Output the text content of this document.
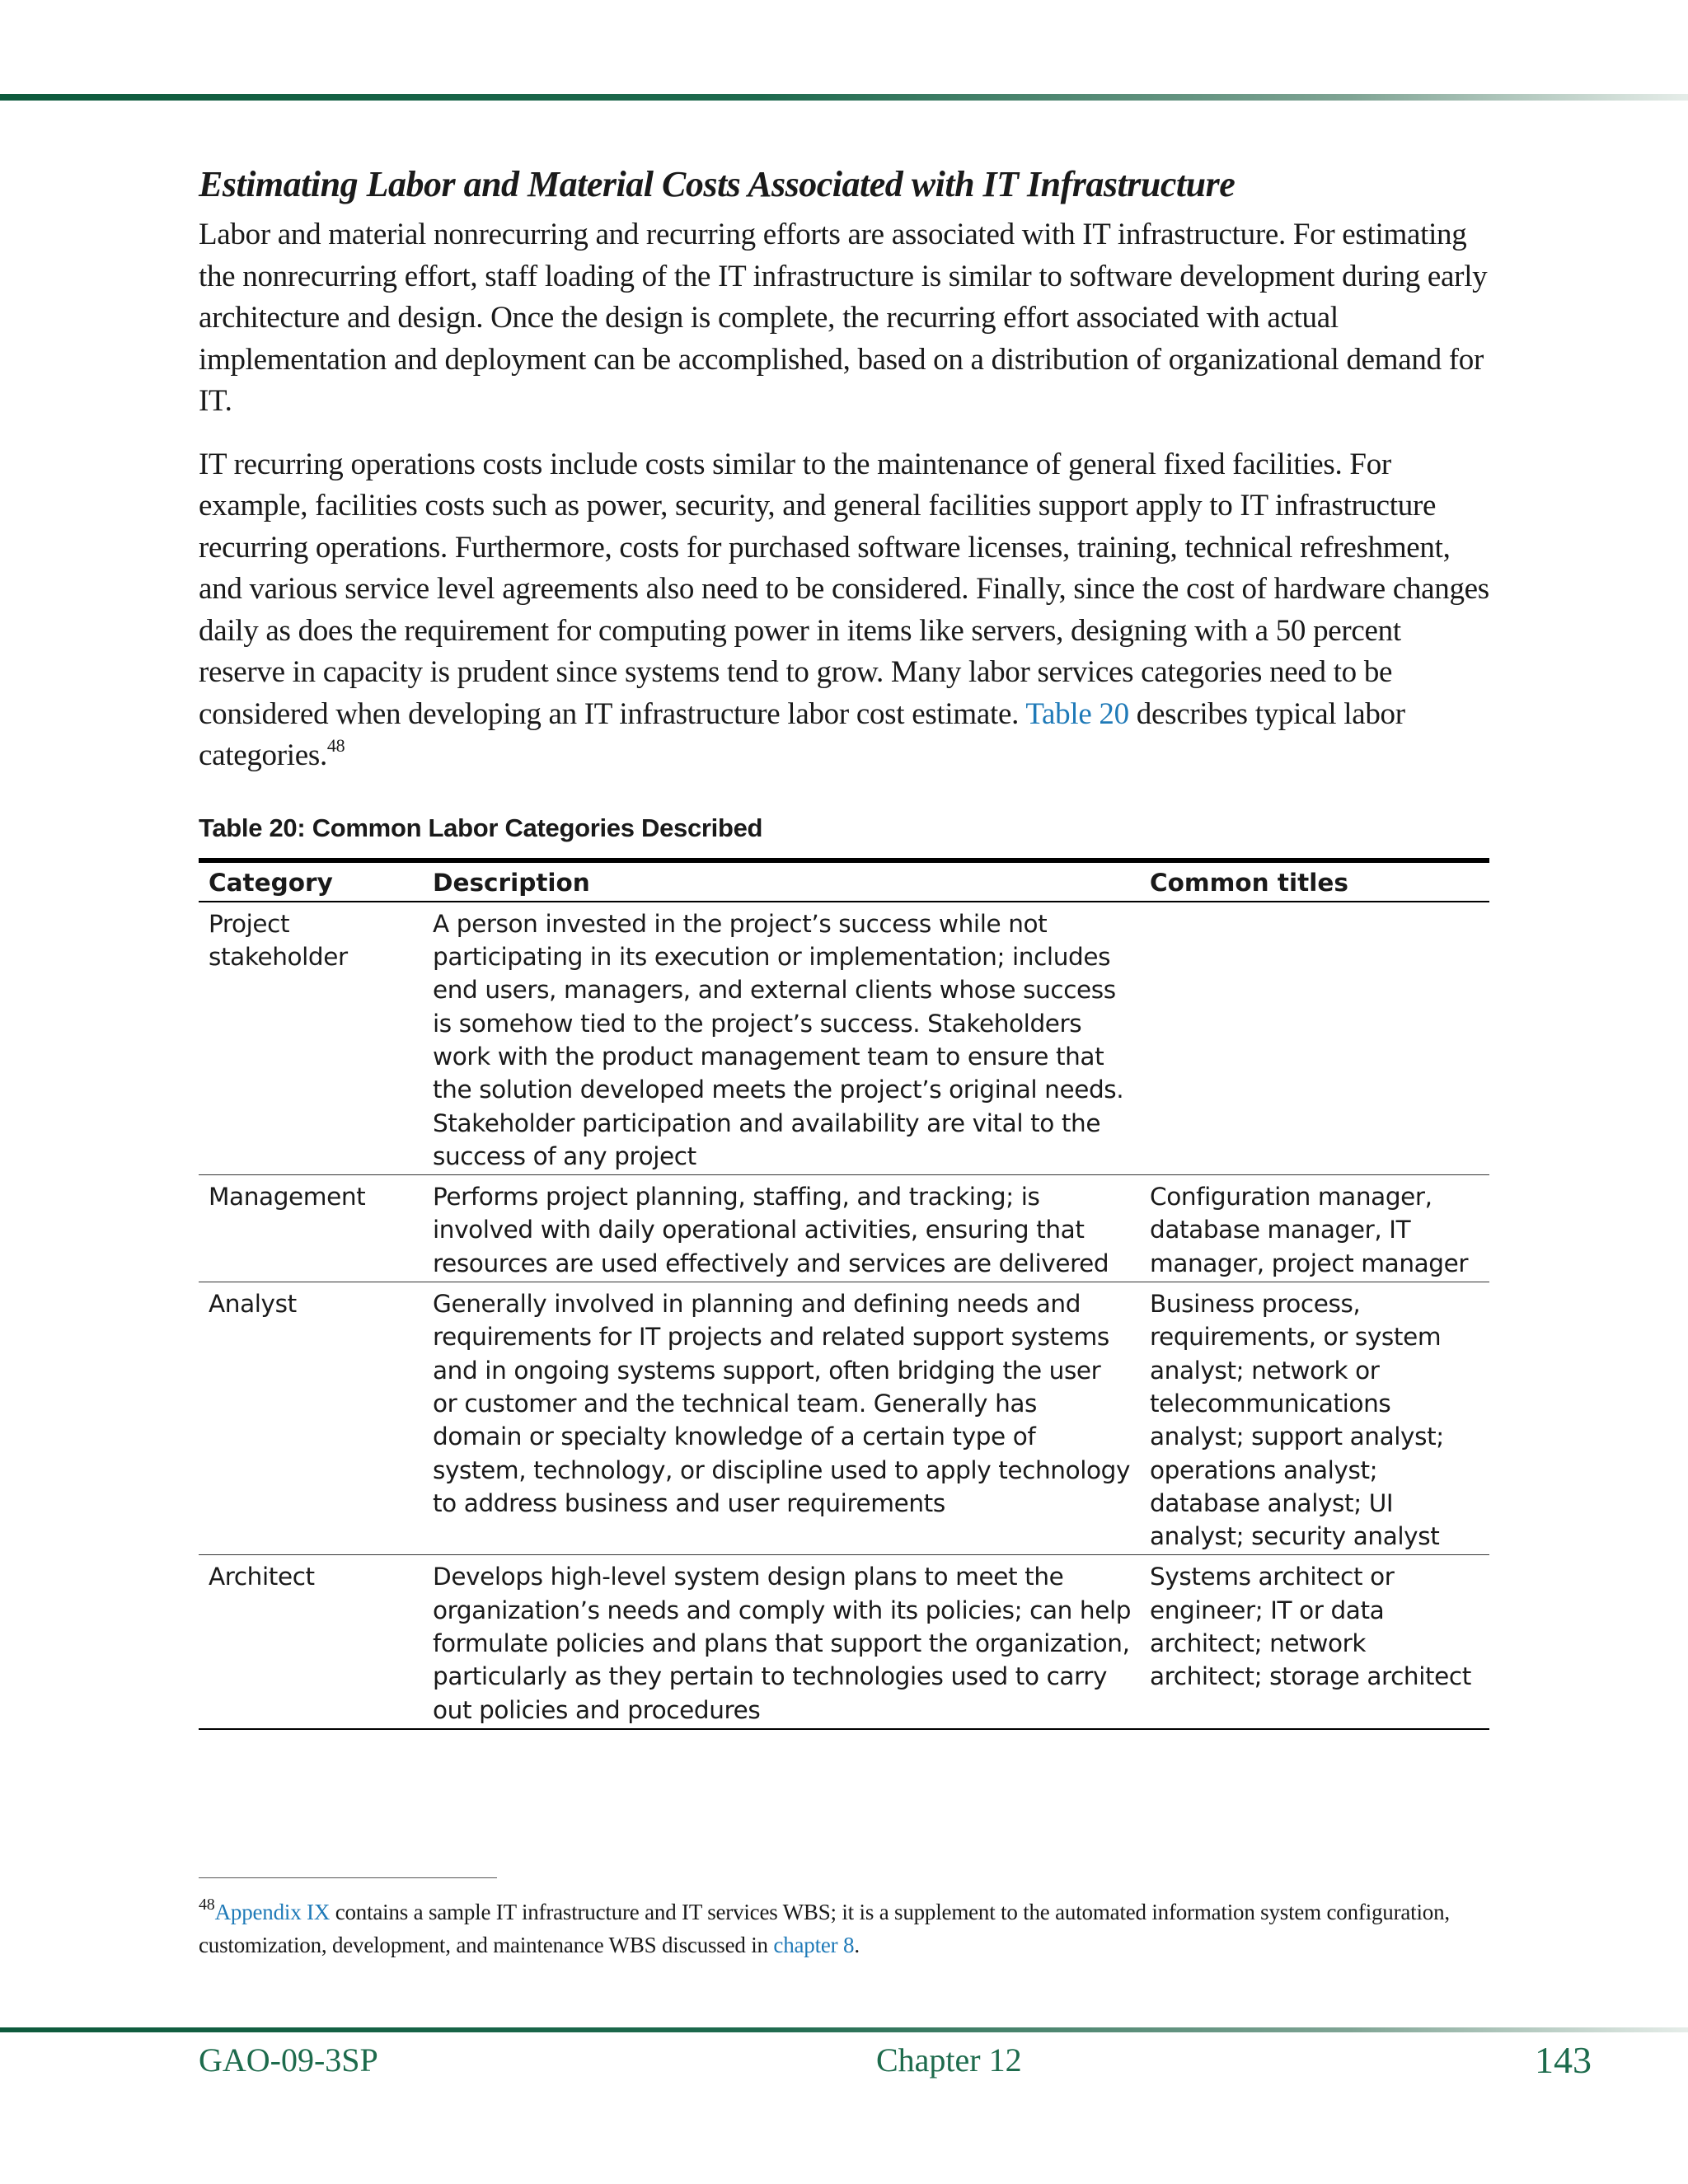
Estimating Labor and Material Costs Associated with IT Infrastructure

Labor and material nonrecurring and recurring efforts are associated with IT infrastructure. For estimating the nonrecurring effort, staff loading of the IT infrastructure is similar to software development during early architecture and design. Once the design is complete, the recurring effort associated with actual implementation and deployment can be accomplished, based on a distribution of organizational demand for IT.

IT recurring operations costs include costs similar to the maintenance of general fixed facilities. For example, facilities costs such as power, security, and general facilities support apply to IT infrastructure recurring operations. Furthermore, costs for purchased software licenses, training, technical refreshment, and various service level agreements also need to be considered. Finally, since the cost of hardware changes daily as does the requirement for computing power in items like servers, designing with a 50 percent reserve in capacity is prudent since systems tend to grow. Many labor services categories need to be considered when developing an IT infrastructure labor cost estimate. Table 20 describes typical labor categories.$^{48}$

Table 20: Common Labor Categories Described
Category	Description	Common titles
Project stakeholder	A person invested in the project’s success while not participating in its execution or implementation; includes end users, managers, and external clients whose success is somehow tied to the project’s success. Stakeholders work with the product management team to ensure that the solution developed meets the project’s original needs. Stakeholder participation and availability are vital to the success of any project	
Management	Performs project planning, staffing, and tracking; is involved with daily operational activities, ensuring that resources are used effectively and services are delivered	Configuration manager, database manager, IT manager, project manager
Analyst	Generally involved in planning and defining needs and requirements for IT projects and related support systems and in ongoing systems support, often bridging the user or customer and the technical team. Generally has domain or specialty knowledge of a certain type of system, technology, or discipline used to apply technology to address business and user requirements	Business process, requirements, or system analyst; network or telecommunications analyst; support analyst; operations analyst; database analyst; UI analyst; security analyst
Architect	Develops high-level system design plans to meet the organization’s needs and comply with its policies; can help formulate policies and plans that support the organization, particularly as they pertain to technologies used to carry out policies and procedures	Systems architect or engineer; IT or data architect; network architect; storage architect

$^{48}$Appendix IX contains a sample IT infrastructure and IT services WBS; it is a supplement to the automated information system configuration, customization, development, and maintenance WBS discussed in chapter 8.

GAO-09-3SP	Chapter 12	143
